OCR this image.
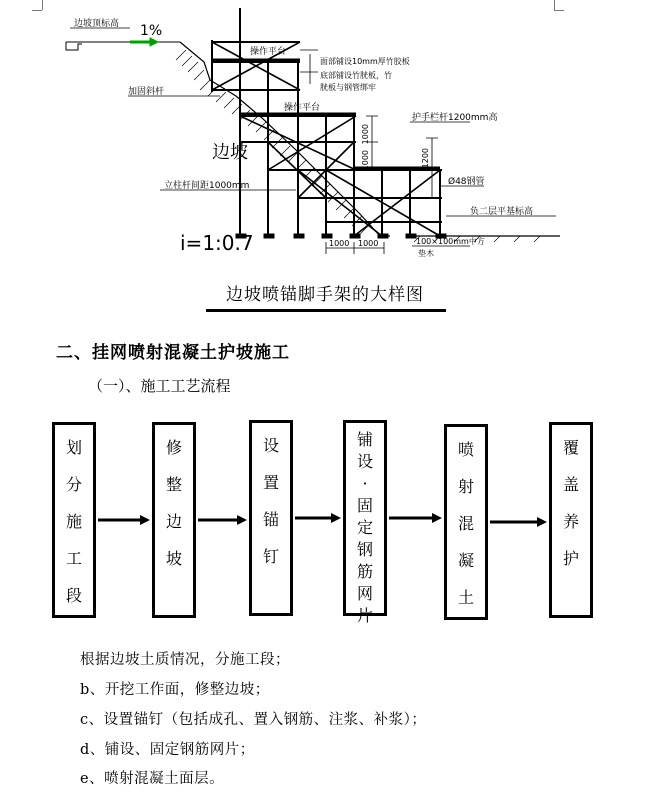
边坡顶标高 1%
操作平台
面部铺设10mm厚竹胶板
底部铺设竹胱板，竹
胱板与钢管绑牢
加固斜杆
操作平台
护手栏杆1200mm高
边坡
立柱杆间距1000mm	Ø48钢管
负二层平基标高
i=1:0.7
1000
1000	1200
1000 1000	100×100mm中方
垫木
边坡喷锚脚手架的大样图
二、挂网喷射混凝土护坡施工
（一）、施工工艺流程
划
分
施
工
段
修
整
边
坡
设
置
锚
钉
铺
设
·
固
定
钢
筋
网
片
喷
射
混
凝
土
覆
盖
养
护
根据边坡土质情况，分施工段；
b、开挖工作面，修整边坡；
c、设置锚钉（包括成孔、置入钢筋、注浆、补浆）；
d、铺设、固定钢筋网片；
e、喷射混凝土面层。
